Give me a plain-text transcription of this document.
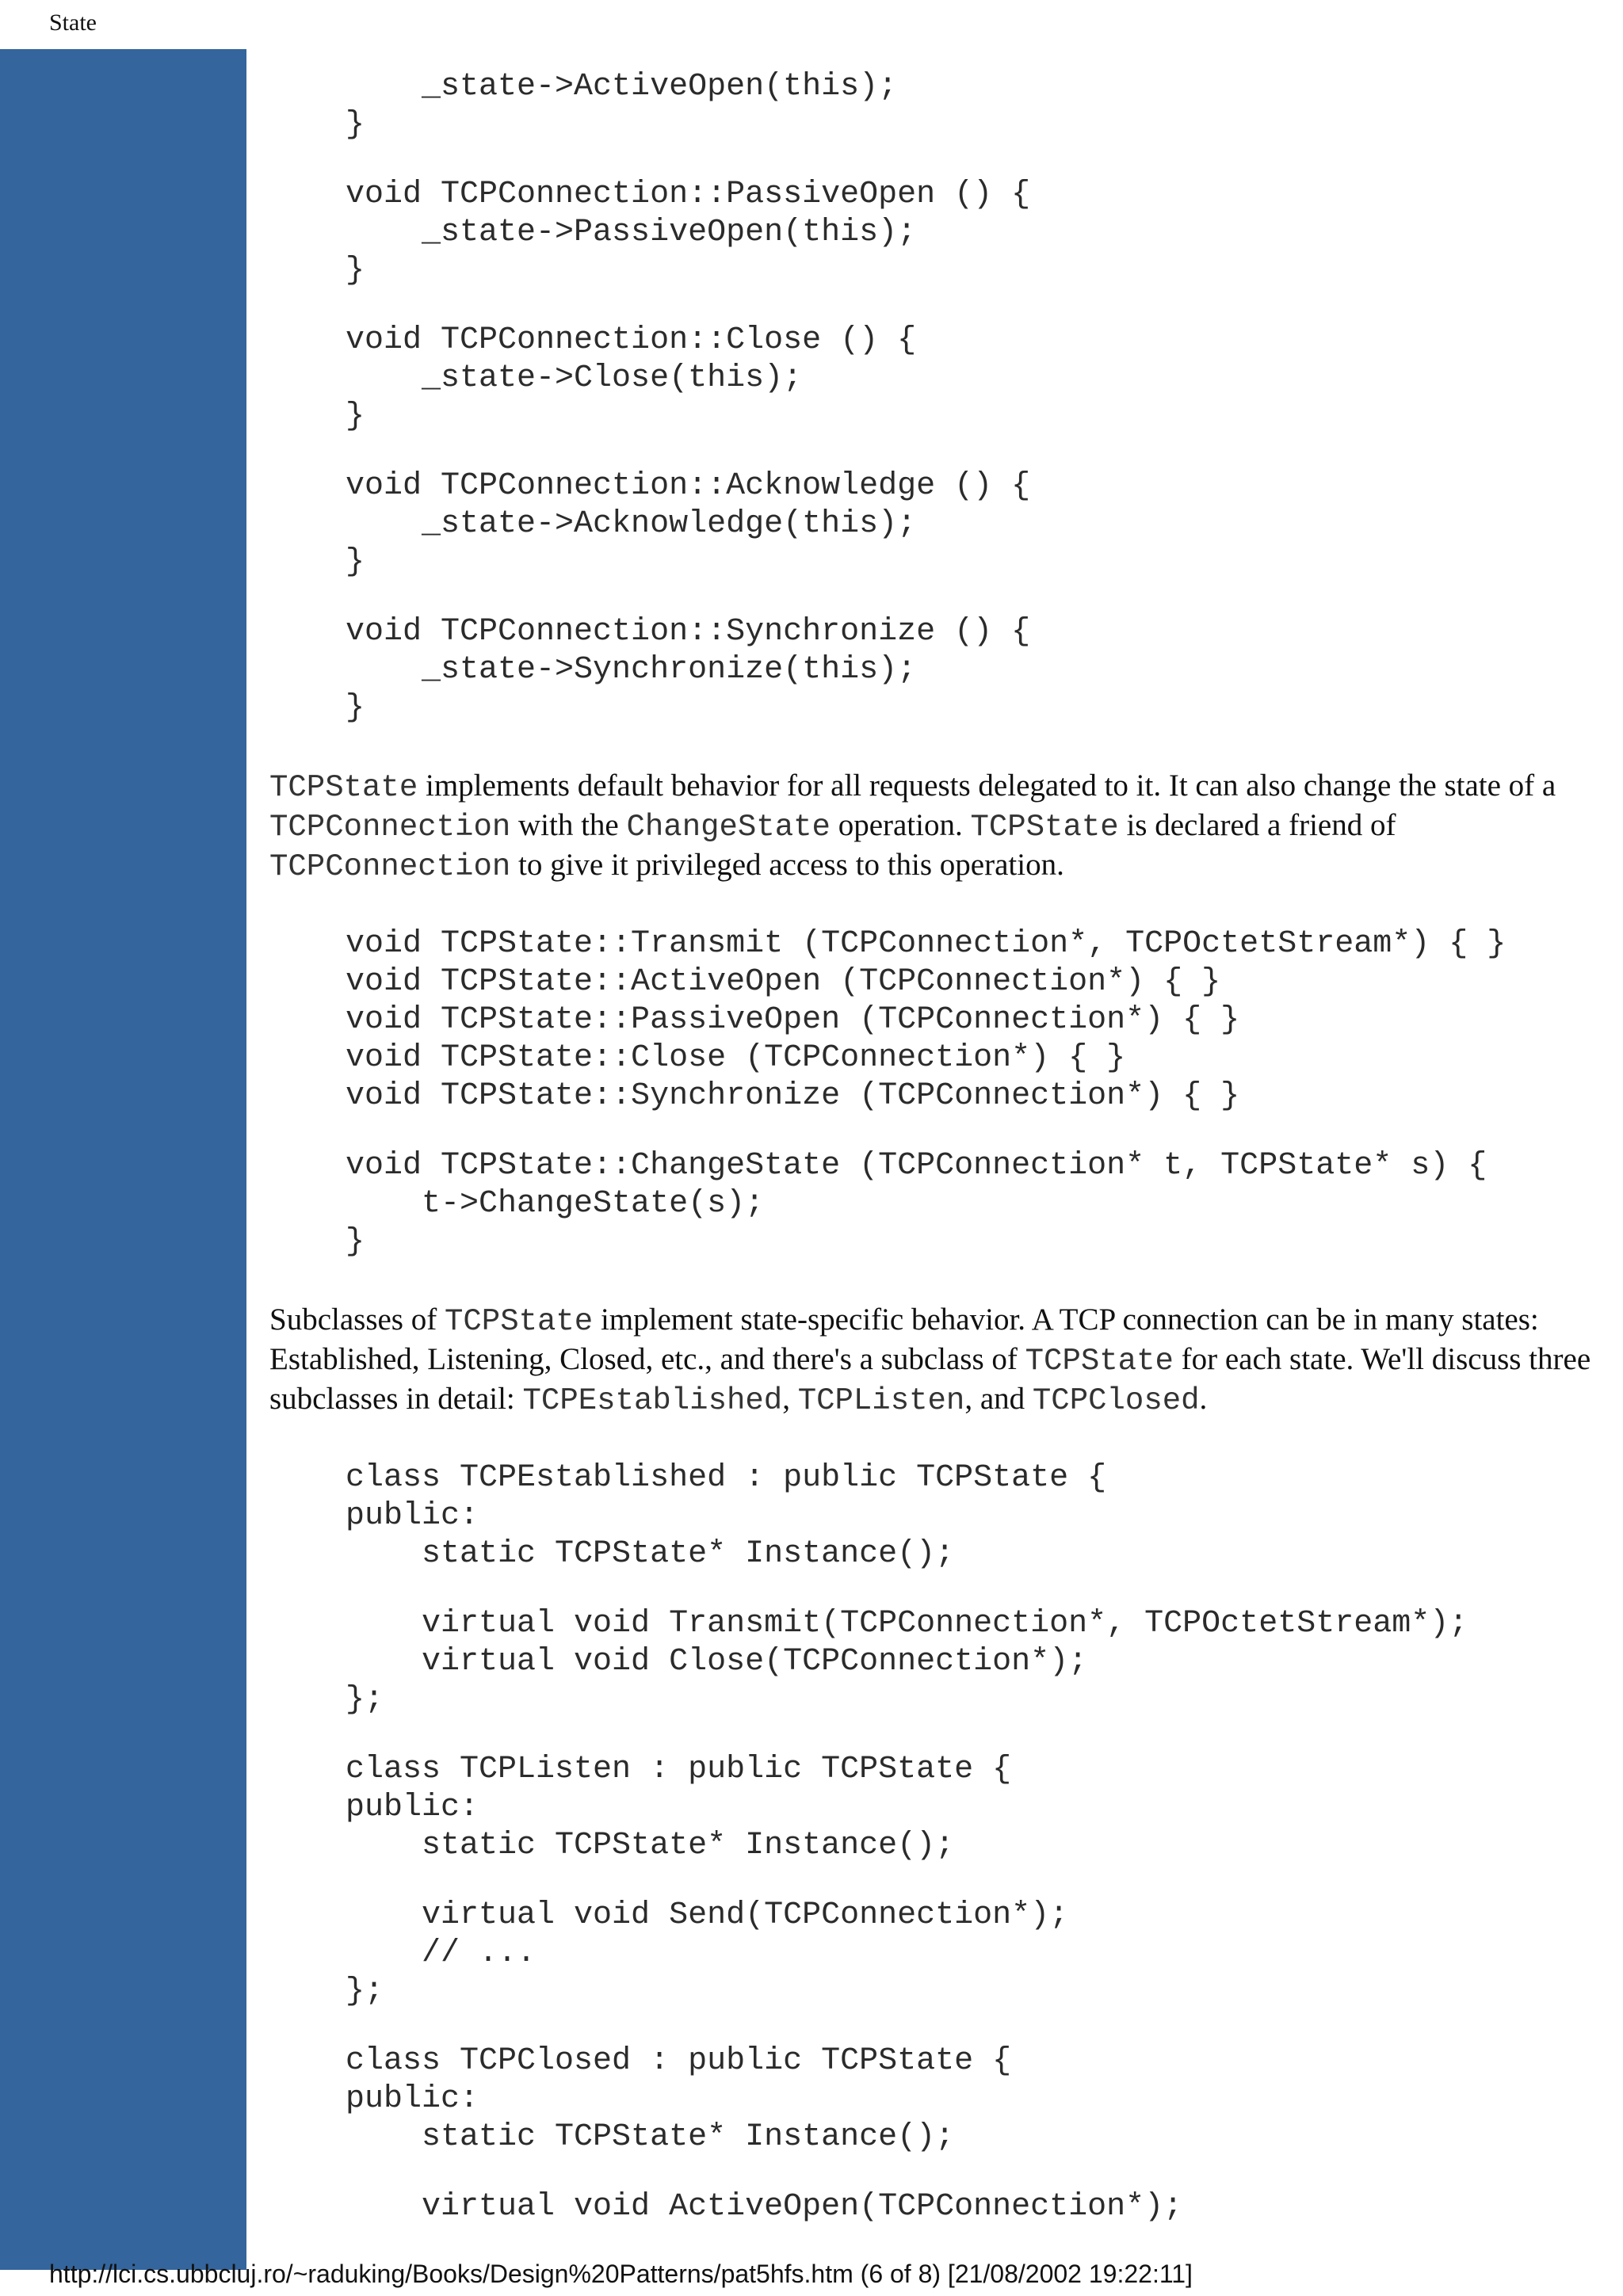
State
_state->ActiveOpen(this);
}
void TCPConnection::PassiveOpen () {
_state->PassiveOpen(this);
}
void TCPConnection::Close () {
_state->Close(this);
}
void TCPConnection::Acknowledge () {
_state->Acknowledge(this);
}
void TCPConnection::Synchronize () {
_state->Synchronize(this);
}

TCPState implements default behavior for all requests delegated to it. It can also change the state of a TCPConnection with the ChangeState operation. TCPState is declared a friend of TCPConnection to give it privileged access to this operation.

void TCPState::Transmit (TCPConnection*, TCPOctetStream*) { }
void TCPState::ActiveOpen (TCPConnection*) { }
void TCPState::PassiveOpen (TCPConnection*) { }
void TCPState::Close (TCPConnection*) { }
void TCPState::Synchronize (TCPConnection*) { }
void TCPState::ChangeState (TCPConnection* t, TCPState* s) {
t->ChangeState(s);
}

Subclasses of TCPState implement state-specific behavior. A TCP connection can be in many states: Established, Listening, Closed, etc., and there's a subclass of TCPState for each state. We'll discuss three subclasses in detail: TCPEstablished, TCPListen, and TCPClosed.

class TCPEstablished : public TCPState {
public:
static TCPState* Instance();
virtual void Transmit(TCPConnection*, TCPOctetStream*);
virtual void Close(TCPConnection*);
};
class TCPListen : public TCPState {
public:
static TCPState* Instance();
virtual void Send(TCPConnection*);
// ...
};
class TCPClosed : public TCPState {
public:
static TCPState* Instance();
virtual void ActiveOpen(TCPConnection*);
http://lci.cs.ubbcluj.ro/~raduking/Books/Design%20Patterns/pat5hfs.htm (6 of 8) [21/08/2002 19:22:11]
